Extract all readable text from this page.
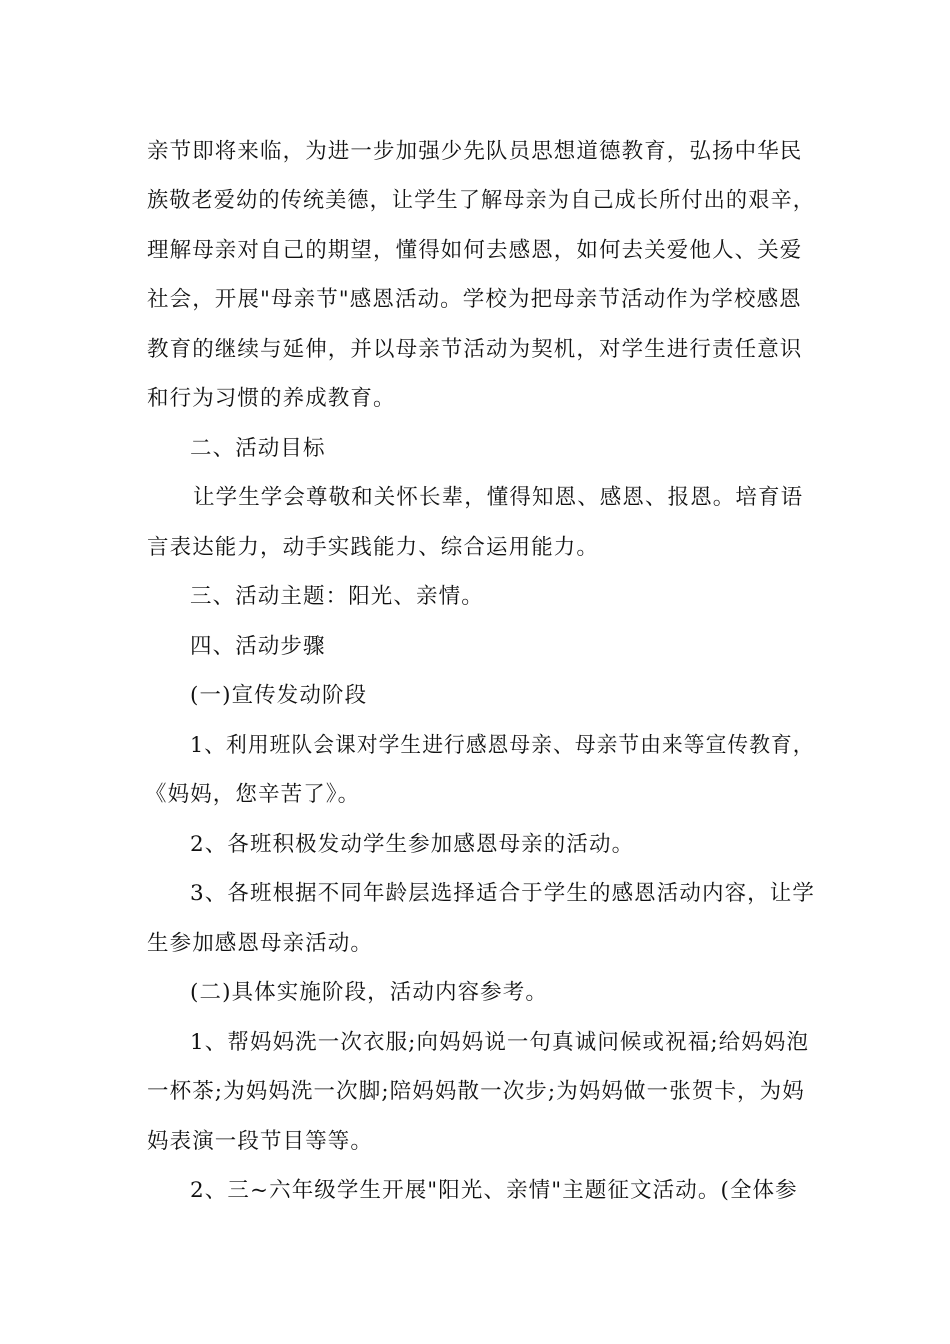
亲节即将来临，为进一步加强少先队员思想道德教育，弘扬中华民
族敬老爱幼的传统美德，让学生了解母亲为自己成长所付出的艰辛，
理解母亲对自己的期望，懂得如何去感恩，如何去关爱他人、关爱
社会，开展"母亲节"感恩活动。学校为把母亲节活动作为学校感恩
教育的继续与延伸，并以母亲节活动为契机，对学生进行责任意识
和行为习惯的养成教育。
二、活动目标
让学生学会尊敬和关怀长辈，懂得知恩、感恩、报恩。培育语
言表达能力，动手实践能力、综合运用能力。
三、活动主题：阳光、亲情。
四、活动步骤
(一)宣传发动阶段
1、利用班队会课对学生进行感恩母亲、母亲节由来等宣传教育，
《妈妈，您辛苦了》。
2、各班积极发动学生参加感恩母亲的活动。
3、各班根据不同年龄层选择适合于学生的感恩活动内容，让学
生参加感恩母亲活动。
(二)具体实施阶段，活动内容参考。
1、帮妈妈洗一次衣服;向妈妈说一句真诚问候或祝福;给妈妈泡
一杯茶;为妈妈洗一次脚;陪妈妈散一次步;为妈妈做一张贺卡，为妈
妈表演一段节目等等。
2、三~六年级学生开展"阳光、亲情"主题征文活动。(全体参
